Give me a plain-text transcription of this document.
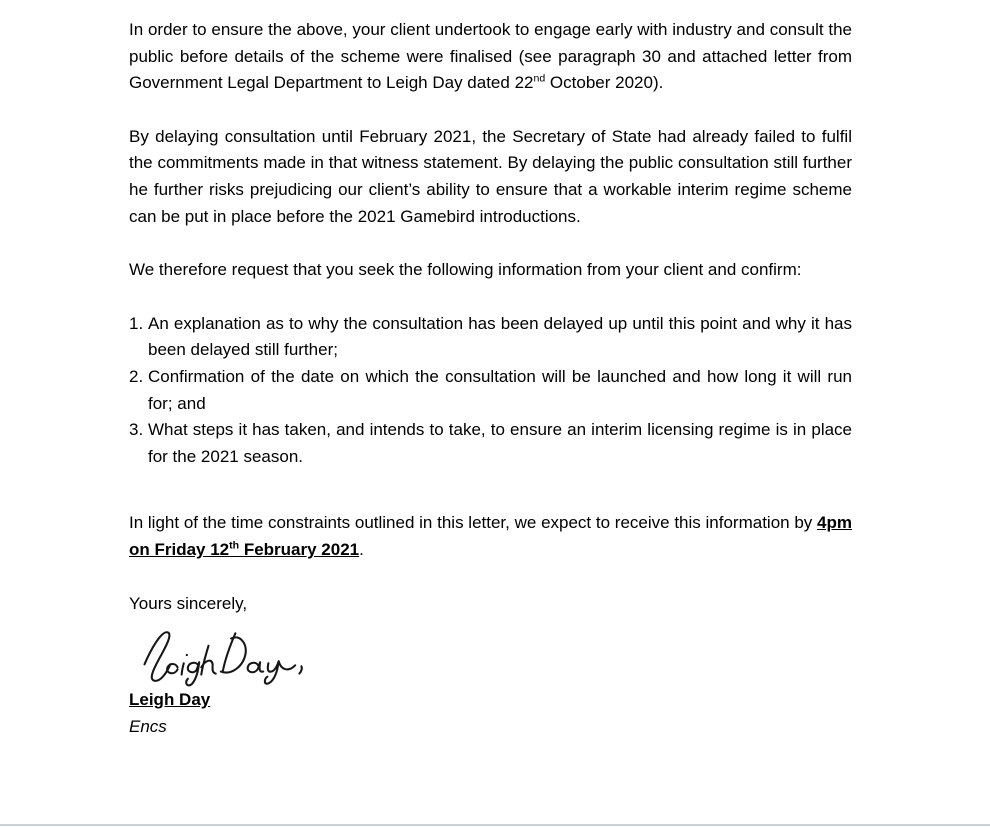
In order to ensure the above, your client undertook to engage early with industry and consult the public before details of the scheme were finalised (see paragraph 30 and attached letter from Government Legal Department to Leigh Day dated 22nd October 2020).

By delaying consultation until February 2021, the Secretary of State had already failed to fulfil the commitments made in that witness statement. By delaying the public consultation still further he further risks prejudicing our client’s ability to ensure that a workable interim regime scheme can be put in place before the 2021 Gamebird introductions.

We therefore request that you seek the following information from your client and confirm:

1. An explanation as to why the consultation has been delayed up until this point and why it has been delayed still further;
2. Confirmation of the date on which the consultation will be launched and how long it will run for; and
3. What steps it has taken, and intends to take, to ensure an interim licensing regime is in place for the 2021 season.

In light of the time constraints outlined in this letter, we expect to receive this information by 4pm on Friday 12th February 2021.

Yours sincerely,

Leigh Day

Encs
